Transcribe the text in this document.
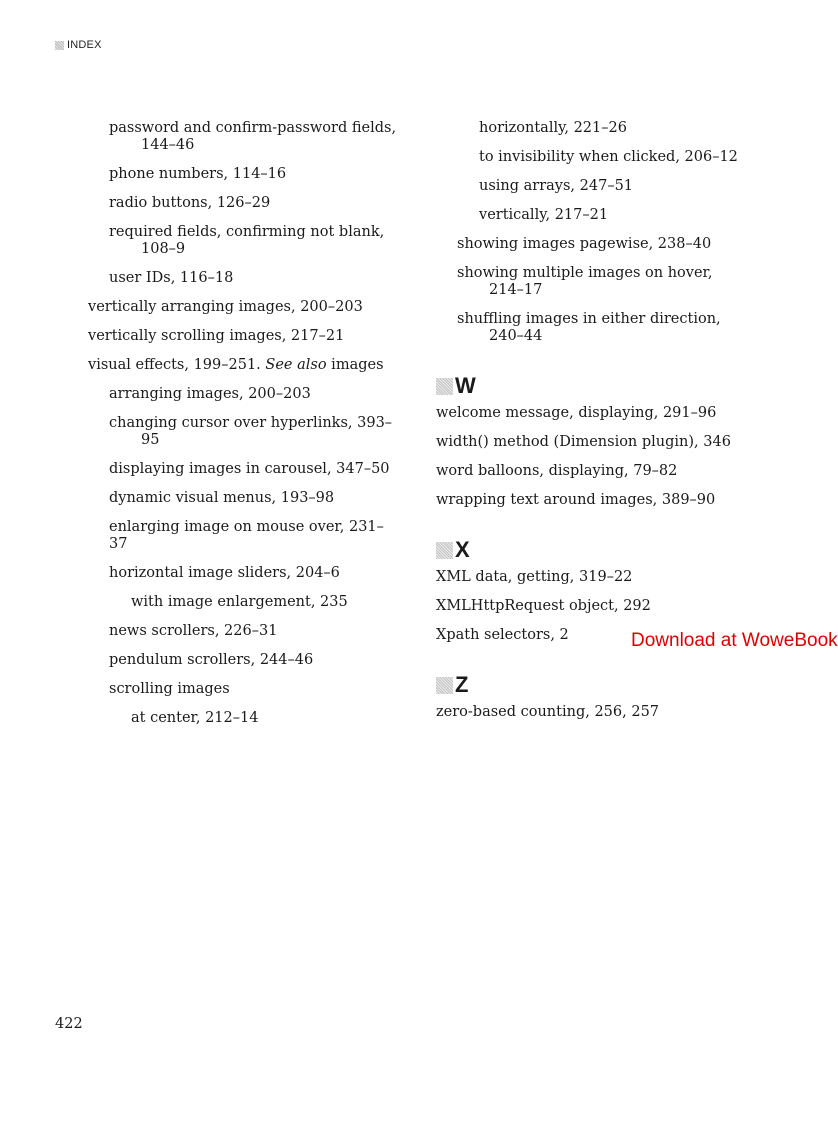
INDEX
password and confirm-password fields,
144–46
phone numbers, 114–16
radio buttons, 126–29
required fields, confirming not blank,
108–9
user IDs, 116–18
vertically arranging images, 200–203
vertically scrolling images, 217–21
visual effects, 199–251. See also images
arranging images, 200–203
changing cursor over hyperlinks, 393–
95
displaying images in carousel, 347–50
dynamic visual menus, 193–98
enlarging image on mouse over, 231–37
horizontal image sliders, 204–6
with image enlargement, 235
news scrollers, 226–31
pendulum scrollers, 244–46
scrolling images
at center, 212–14
horizontally, 221–26
to invisibility when clicked, 206–12
using arrays, 247–51
vertically, 217–21
showing images pagewise, 238–40
showing multiple images on hover,
214–17
shuffling images in either direction,
240–44
W
welcome message, displaying, 291–96
width() method (Dimension plugin), 346
word balloons, displaying, 79–82
wrapping text around images, 389–90
X
XML data, getting, 319–22
XMLHttpRequest object, 292
Xpath selectors, 2
Z
zero-based counting, 256, 257
Download at WoweBook
422
